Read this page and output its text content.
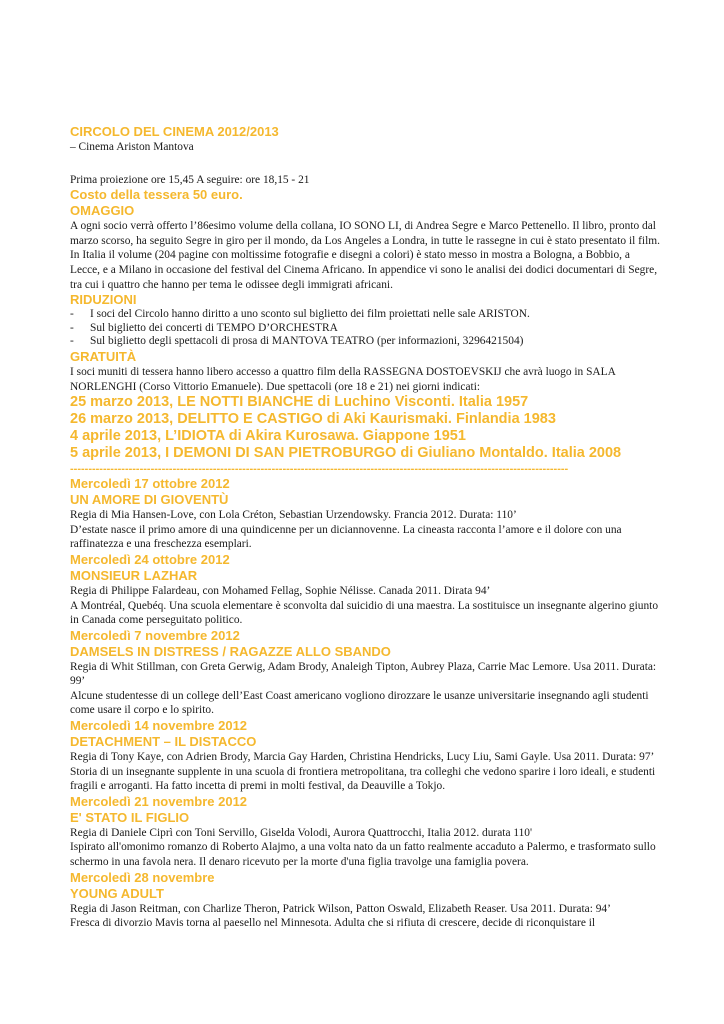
CIRCOLO DEL CINEMA 2012/2013
– Cinema Ariston Mantova
Prima proiezione ore 15,45 A seguire: ore 18,15 - 21
Costo della tessera 50 euro.
OMAGGIO
A ogni socio verrà offerto l’86esimo volume della collana, IO SONO LI, di Andrea Segre e Marco Pettenello. Il libro, pronto dal marzo scorso, ha seguito Segre in giro per il mondo, da Los Angeles a Londra, in tutte le rassegne in cui è stato presentato il film. In Italia il volume (204 pagine con moltissime fotografie e disegni a colori) è stato messo in mostra a Bologna, a Bobbio, a Lecce, e a Milano in occasione del festival del Cinema Africano. In appendice vi sono le analisi dei dodici documentari di Segre, tra cui i quattro che hanno per tema le odissee degli immigrati africani.
RIDUZIONI
-	I soci del Circolo hanno diritto a uno sconto sul biglietto dei film proiettati nelle sale ARISTON.
-	Sul biglietto dei concerti di TEMPO D’ORCHESTRA
-	Sul biglietto degli spettacoli di prosa di MANTOVA TEATRO (per informazioni, 3296421504)
GRATUITÀ
I soci muniti di tessera hanno libero accesso a quattro film della RASSEGNA DOSTOEVSKIJ che avrà luogo in SALA NORLENGHI (Corso Vittorio Emanuele). Due spettacoli (ore 18 e 21) nei giorni indicati:
25 marzo 2013, LE NOTTI BIANCHE di Luchino Visconti. Italia 1957
26 marzo 2013, DELITTO E CASTIGO di Aki Kaurismaki. Finlandia 1983
4 aprile 2013, L’IDIOTA di Akira Kurosawa. Giappone 1951
5 aprile 2013, I DEMONI DI SAN PIETROBURGO di Giuliano Montaldo. Italia 2008
----------------------------------------------------------------------------------------------------------------------------------------
Mercoledì 17 ottobre 2012
UN AMORE DI GIOVENTÙ
Regia di Mia Hansen-Love, con Lola Créton, Sebastian Urzendowsky. Francia 2012. Durata: 110’
D’estate nasce il primo amore di una quindicenne per un diciannovenne. La cineasta racconta l’amore e il dolore con una raffinatezza e una freschezza esemplari.
Mercoledì 24 ottobre 2012
MONSIEUR LAZHAR
Regia di Philippe Falardeau, con Mohamed Fellag, Sophie Nélisse. Canada 2011. Dirata 94’
A Montréal, Quebéq. Una scuola elementare è sconvolta dal suicidio di una maestra. La sostituisce un insegnante algerino giunto in Canada come perseguitato politico.
Mercoledì 7 novembre 2012
DAMSELS IN DISTRESS / RAGAZZE ALLO SBANDO
Regia di Whit Stillman, con Greta Gerwig, Adam Brody, Analeigh Tipton, Aubrey Plaza, Carrie Mac Lemore. Usa 2011. Durata: 99’
Alcune studentesse di un college dell’East Coast americano vogliono dirozzare le usanze universitarie insegnando agli studenti come usare il corpo e lo spirito.
Mercoledì 14 novembre 2012
DETACHMENT – IL DISTACCO
Regia di Tony Kaye, con Adrien Brody, Marcia Gay Harden, Christina Hendricks, Lucy Liu, Sami Gayle. Usa 2011. Durata: 97’
Storia di un insegnante supplente in una scuola di frontiera metropolitana, tra colleghi che vedono sparire i loro ideali, e studenti fragili e arroganti. Ha fatto incetta di premi in molti festival, da Deauville a Tokjo.
Mercoledì 21 novembre 2012
E' STATO IL FIGLIO
Regia di Daniele Ciprì con Toni Servillo, Giselda Volodi, Aurora Quattrocchi, Italia 2012. durata 110'
Ispirato all'omonimo romanzo di Roberto Alajmo, a una volta nato da un fatto realmente accaduto a Palermo, e trasformato sullo schermo in una favola nera. Il denaro ricevuto per la morte d'una figlia travolge una famiglia povera.
Mercoledì 28 novembre
YOUNG ADULT
Regia di Jason Reitman, con Charlize Theron, Patrick Wilson, Patton Oswald, Elizabeth Reaser. Usa 2011. Durata: 94’
Fresca di divorzio Mavis torna al paesello nel Minnesota. Adulta che si rifiuta di crescere, decide di riconquistare il
